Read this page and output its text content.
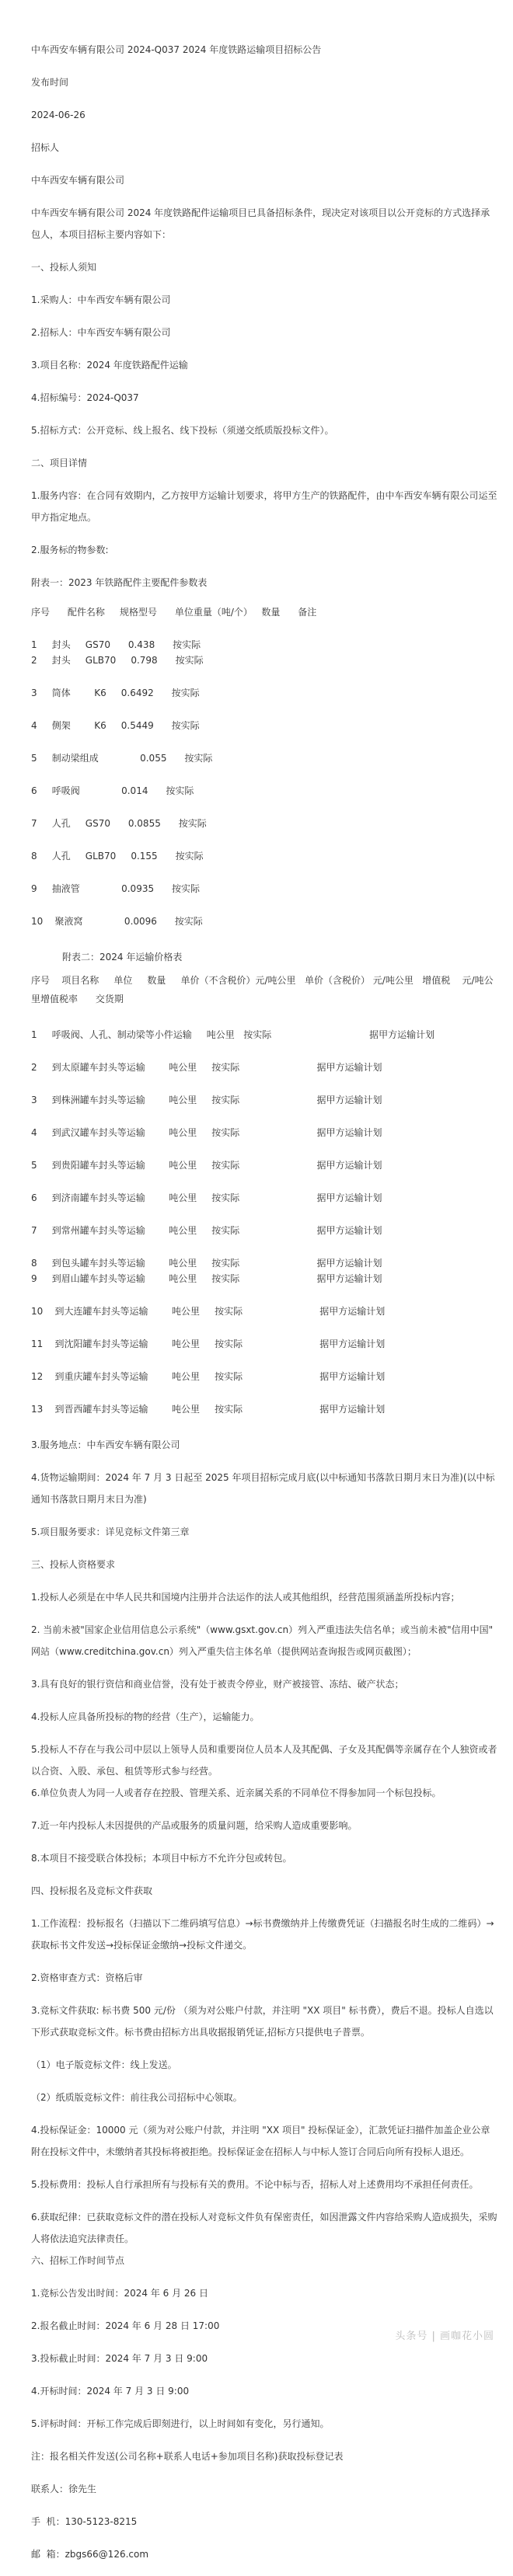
中车西安车辆有限公司 2024-Q037 2024 年度铁路运输项目招标公告
发布时间
2024-06-26
招标人
中车西安车辆有限公司
中车西安车辆有限公司 2024 年度铁路配件运输项目已具备招标条件，现决定对该项目以公开竞标的方式选择承包人，本项目招标主要内容如下：
一、投标人须知
1.采购人：中车西安车辆有限公司
2.招标人：中车西安车辆有限公司
3.项目名称：2024 年度铁路配件运输
4.招标编号：2024-Q037
5.招标方式：公开竞标、线上报名、线下投标（须递交纸质版投标文件）。
二、项目详情
1.服务内容：在合同有效期内，乙方按甲方运输计划要求，将甲方生产的铁路配件，由中车西安车辆有限公司运至甲方指定地点。
2.服务标的物参数:
附表一：2023 年铁路配件主要配件参数表
序号      配件名称     规格型号      单位重量（吨/个）   数量      备注
1     封头     GS70      0.438      按实际
2     封头     GLB70     0.798      按实际
3     筒体        K6     0.6492      按实际
4     侧架        K6     0.5449      按实际
5     制动梁组成              0.055      按实际
6     呼吸阀              0.014      按实际
7     人孔     GS70      0.0855      按实际
8     人孔     GLB70     0.155      按实际
9     抽液管              0.0935      按实际
10    聚液窝              0.0096      按实际
附表二：2024 年运输价格表
序号    项目名称     单位     数量     单价（不含税价）元/吨公里   单价（含税价） 元/吨公里   增值税    元/吨公里增值税率      交货期
1     呼吸阀、人孔、制动梁等小件运输     吨公里   按实际                                 据甲方运输计划
2     到太原罐车封头等运输        吨公里     按实际                          据甲方运输计划
3     到株洲罐车封头等运输        吨公里     按实际                          据甲方运输计划
4     到武汉罐车封头等运输        吨公里     按实际                          据甲方运输计划
5     到贵阳罐车封头等运输        吨公里     按实际                          据甲方运输计划
6     到济南罐车封头等运输        吨公里     按实际                          据甲方运输计划
7     到常州罐车封头等运输        吨公里     按实际                          据甲方运输计划
8     到包头罐车封头等运输        吨公里     按实际                          据甲方运输计划
9     到眉山罐车封头等运输        吨公里     按实际                          据甲方运输计划
10    到大连罐车封头等运输        吨公里     按实际                          据甲方运输计划
11    到沈阳罐车封头等运输        吨公里     按实际                          据甲方运输计划
12    到重庆罐车封头等运输        吨公里     按实际                          据甲方运输计划
13    到晋西罐车封头等运输        吨公里     按实际                          据甲方运输计划
3.服务地点：中车西安车辆有限公司
4.货物运输期间：2024 年 7 月 3 日起至 2025 年项目招标完成月底(以中标通知书落款日期月末日为准)(以中标通知书落款日期月末日为准)
5.项目服务要求：详见竞标文件第三章
三、投标人资格要求
1.投标人必须是在中华人民共和国境内注册并合法运作的法人或其他组织，经营范围须涵盖所投标内容；
2. 当前未被"国家企业信用信息公示系统"（www.gsxt.gov.cn）列入严重违法失信名单；或当前未被"信用中国" 网站（www.creditchina.gov.cn）列入严重失信主体名单（提供网站查询报告或网页截图）；
3.具有良好的银行资信和商业信誉，没有处于被责令停业，财产被接管、冻结、破产状态；
4.投标人应具备所投标的物的经营（生产），运输能力。
5.投标人不存在与我公司中层以上领导人员和重要岗位人员本人及其配偶、子女及其配偶等亲属存在个人独资或者以合资、入股、承包、租赁等形式参与经营。
6.单位负责人为同一人或者存在控股、管理关系、近亲属关系的不同单位不得参加同一个标包投标。
7.近一年内投标人未因提供的产品或服务的质量问题，给采购人造成重要影响。
8.本项目不接受联合体投标；本项目中标方不允许分包或转包。
四、投标报名及竞标文件获取
1.工作流程：投标报名（扫描以下二维码填写信息）→标书费缴纳并上传缴费凭证（扫描报名时生成的二维码）→获取标书文件发送→投标保证金缴纳→投标文件递交。
2.资格审查方式：资格后审
3.竞标文件获取: 标书费 500 元/份 （须为对公账户付款，并注明 "XX 项目" 标书费），费后不退。投标人自选以下形式获取竞标文件。标书费由招标方出具收据报销凭证,招标方只提供电子普票。
（1）电子版竞标文件：线上发送。
（2）纸质版竞标文件：前往我公司招标中心领取。
4.投标保证金：10000 元（须为对公账户付款，并注明 "XX 项目" 投标保证金），汇款凭证扫描件加盖企业公章附在投标文件中，未缴纳者其投标将被拒绝。投标保证金在招标人与中标人签订合同后向所有投标人退还。
5.投标费用：投标人自行承担所有与投标有关的费用。不论中标与否，招标人对上述费用均不承担任何责任。
6.获取纪律：已获取竞标文件的潜在投标人对竞标文件负有保密责任，如因泄露文件内容给采购人造成损失，采购人将依法追究法律责任。
六、招标工作时间节点
1.竞标公告发出时间：2024 年 6 月 26 日
2.报名截止时间：2024 年 6 月 28 日 17:00
3.投标截止时间：2024 年 7 月 3 日 9:00
4.开标时间：2024 年 7 月 3 日 9:00
5.评标时间：开标工作完成后即刻进行，以上时间如有变化，另行通知。
注：报名相关件发送(公司名称+联系人电话+参加项目名称)获取投标登记表
联系人：徐先生
手  机：130-5123-8215
邮  箱：zbgs66@126.com
头条号 | 画咖花小圆
